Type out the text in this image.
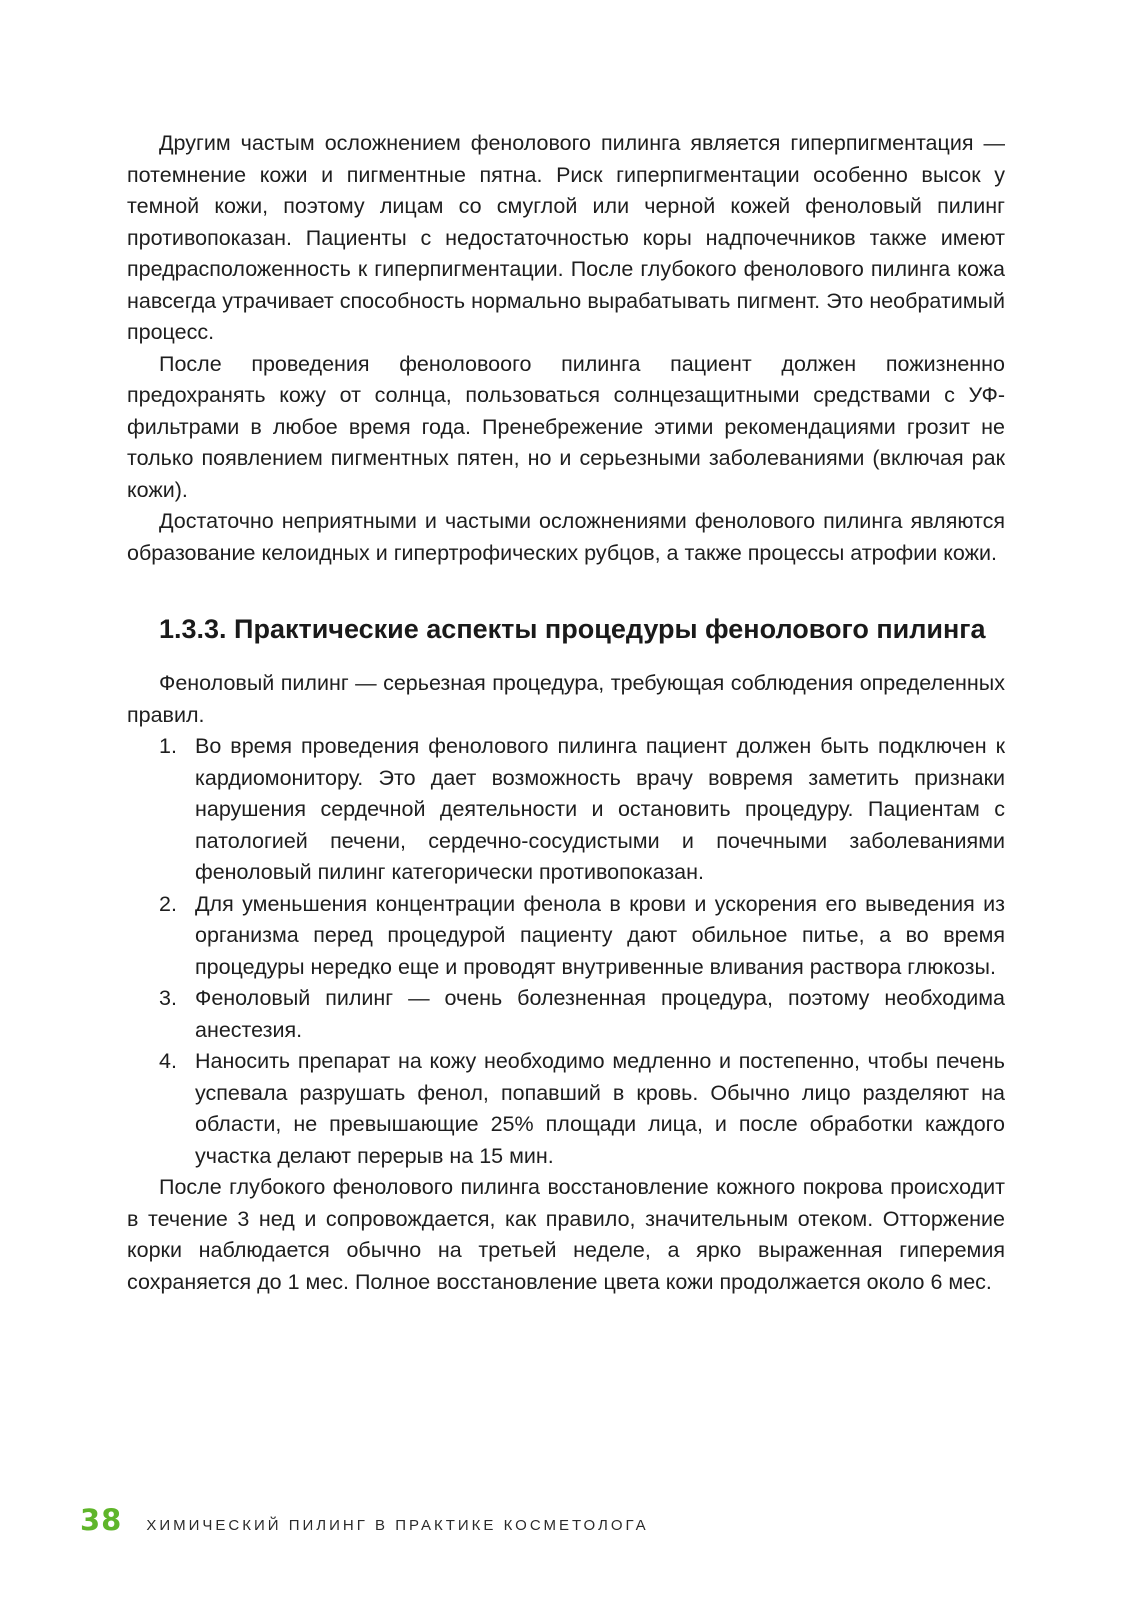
Другим частым осложнением фенолового пилинга является гиперпигментация — потемнение кожи и пигментные пятна. Риск гиперпигментации особенно высок у темной кожи, поэтому лицам со смуглой или черной кожей феноловый пилинг противопоказан. Пациенты с недостаточностью коры надпочечников также имеют предрасположенность к гиперпигментации. После глубокого фенолового пилинга кожа навсегда утрачивает способность нормально вырабатывать пигмент. Это необратимый процесс.

После проведения феноловоого пилинга пациент должен пожизненно предохранять кожу от солнца, пользоваться солнцезащитными средствами с УФ-фильтрами в любое время года. Пренебрежение этими рекомендациями грозит не только появлением пигментных пятен, но и серьезными заболеваниями (включая рак кожи).

Достаточно неприятными и частыми осложнениями фенолового пилинга являются образование келоидных и гипертрофических рубцов, а также процессы атрофии кожи.

1.3.3. Практические аспекты процедуры фенолового пилинга

Феноловый пилинг — серьезная процедура, требующая соблюдения определенных правил.

1. Во время проведения фенолового пилинга пациент должен быть подключен к кардиомонитору. Это дает возможность врачу вовремя заметить признаки нарушения сердечной деятельности и остановить процедуру. Пациентам с патологией печени, сердечно-сосудистыми и почечными заболеваниями феноловый пилинг категорически противопоказан.
2. Для уменьшения концентрации фенола в крови и ускорения его выведения из организма перед процедурой пациенту дают обильное питье, а во время процедуры нередко еще и проводят внутривенные вливания раствора глюкозы.
3. Феноловый пилинг — очень болезненная процедура, поэтому необходима анестезия.
4. Наносить препарат на кожу необходимо медленно и постепенно, чтобы печень успевала разрушать фенол, попавший в кровь. Обычно лицо разделяют на области, не превышающие 25% площади лица, и после обработки каждого участка делают перерыв на 15 мин.

После глубокого фенолового пилинга восстановление кожного покрова происходит в течение 3 нед и сопровождается, как правило, значительным отеком. Отторжение корки наблюдается обычно на третьей неделе, а ярко выраженная гиперемия сохраняется до 1 мес. Полное восстановление цвета кожи продолжается около 6 мес.

38 ХИМИЧЕСКИЙ ПИЛИНГ В ПРАКТИКЕ КОСМЕТОЛОГА
